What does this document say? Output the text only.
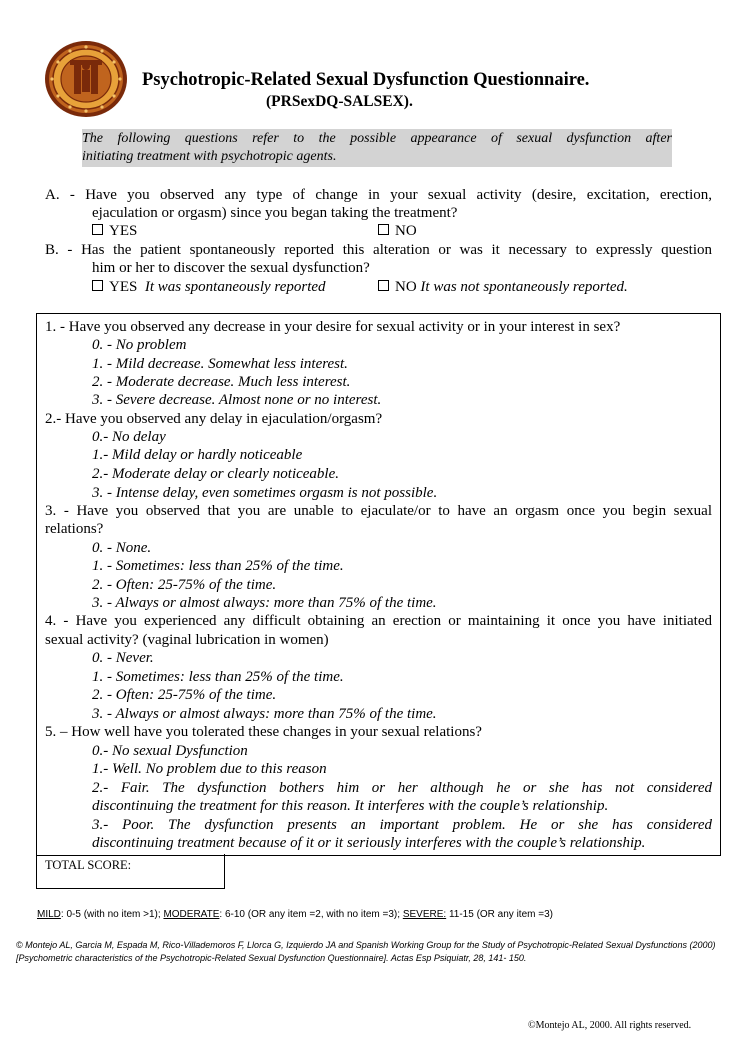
Psychotropic-Related Sexual Dysfunction Questionnaire.
(PRSexDQ-SALSEX).
The following questions refer to the possible appearance of sexual dysfunction after
initiating treatment with psychotropic agents.
A. - Have you observed any type of change in your sexual activity (desire, excitation, erection,
ejaculation or orgasm) since you began taking the treatment?
YES	NO
B. - Has the patient spontaneously reported this alteration or was it necessary to expressly question
him or her to discover the sexual dysfunction?
YES It was spontaneously reported	NO It was not spontaneously reported.
1. - Have you observed any decrease in your desire for sexual activity or in your interest in sex?
0. - No problem
1. - Mild decrease. Somewhat less interest.
2. - Moderate decrease. Much less interest.
3. - Severe decrease. Almost none or no interest.
2.- Have you observed any delay in ejaculation/orgasm?
0.- No delay
1.- Mild delay or hardly noticeable
2.- Moderate delay or clearly noticeable.
3. - Intense delay, even sometimes orgasm is not possible.
3. - Have you observed that you are unable to ejaculate/or to have an orgasm once you begin sexual
relations?
0. - None.
1. - Sometimes: less than 25% of the time.
2. - Often: 25-75% of the time.
3. - Always or almost always: more than 75% of the time.
4. - Have you experienced any difficult obtaining an erection or maintaining it once you have initiated
sexual activity? (vaginal lubrication in women)
0. - Never.
1. - Sometimes: less than 25% of the time.
2. - Often: 25-75% of the time.
3. - Always or almost always: more than 75% of the time.
5. – How well have you tolerated these changes in your sexual relations?
0.- No sexual Dysfunction
1.- Well. No problem due to this reason
2.- Fair. The dysfunction bothers him or her although he or she has not considered
discontinuing the treatment for this reason. It interferes with the couple’s relationship.
3.- Poor. The dysfunction presents an important problem. He or she has considered
discontinuing treatment because of it or it seriously interferes with the couple’s relationship.
TOTAL SCORE:
MILD: 0-5 (with no item >1); MODERATE: 6-10 (OR any item =2, with no item =3); SEVERE: 11-15 (OR any item =3)
© Montejo AL, Garcia M, Espada M, Rico-Villademoros F, Llorca G, Izquierdo JA and Spanish Working Group for the Study of Psychotropic-Related Sexual Dysfunctions (2000) [Psychometric characteristics of the Psychotropic-Related Sexual Dysfunction Questionnaire]. Actas Esp Psiquiatr, 28, 141- 150.
©Montejo AL, 2000. All rights reserved.
